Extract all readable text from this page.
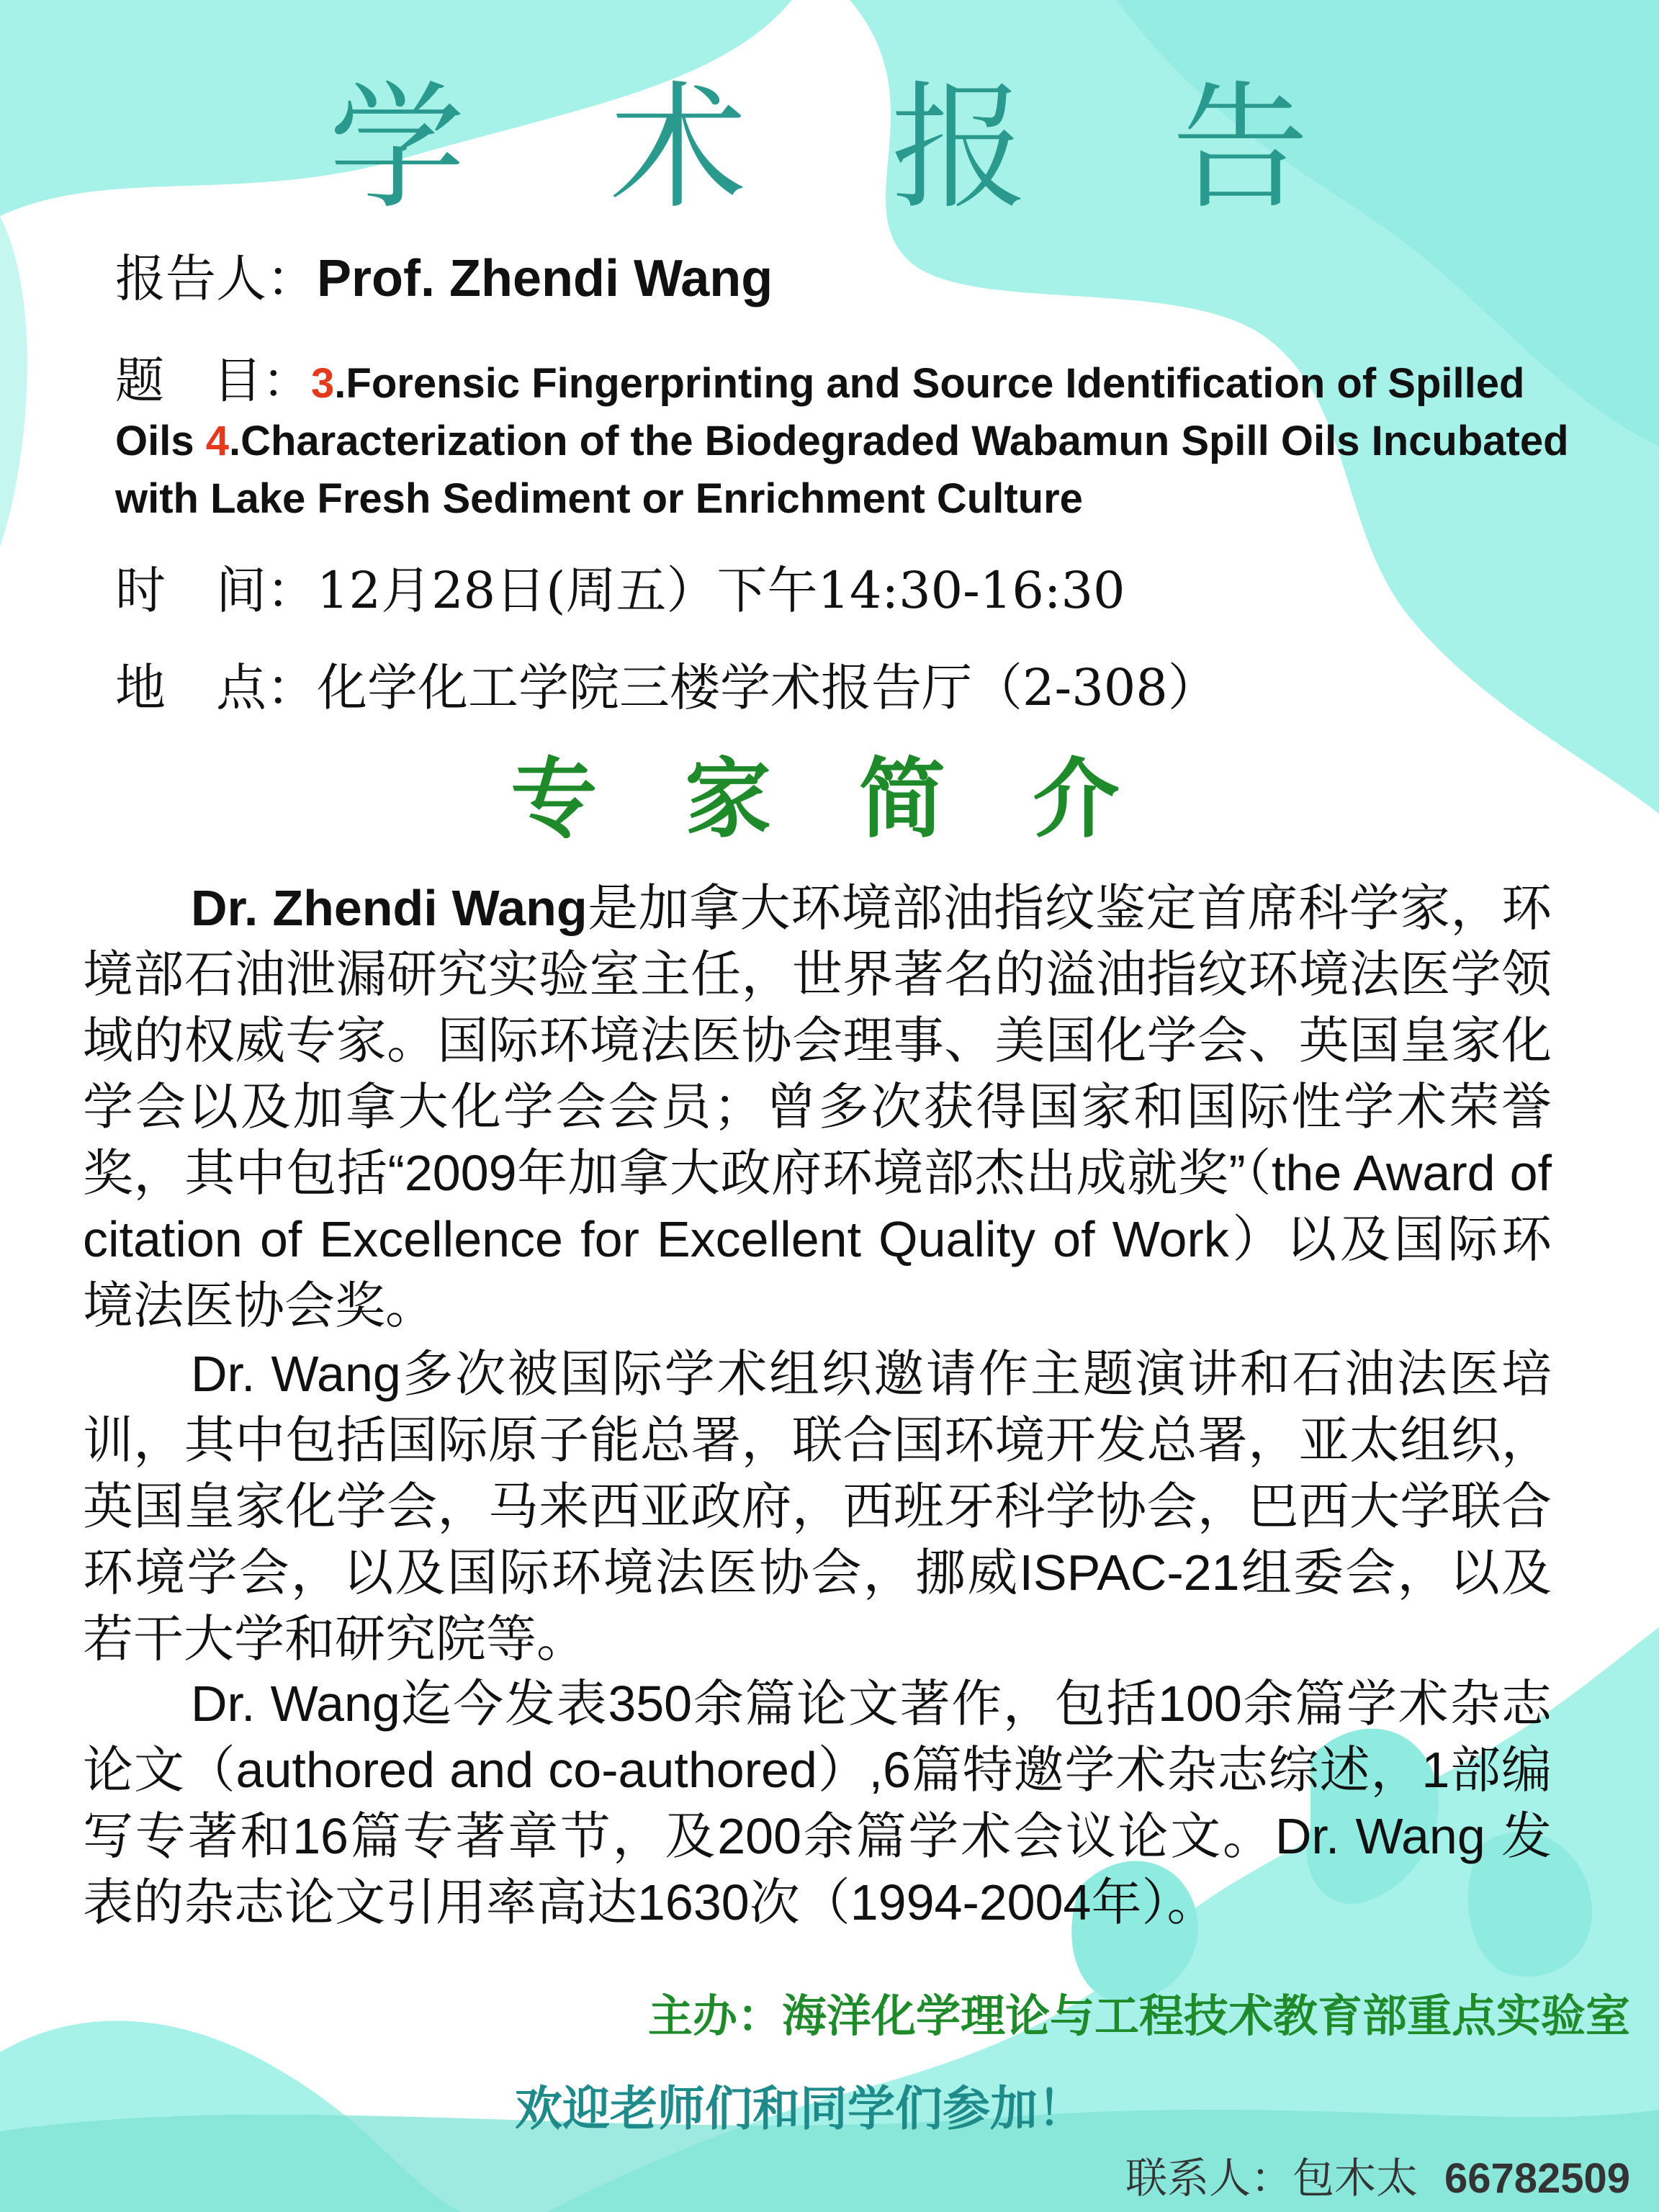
学 术 报 告
报告人：Prof. Zhendi Wang
题　目：3.Forensic Fingerprinting and Source Identification of Spilled Oils 4.Characterization of the Biodegraded Wabamun Spill Oils Incubated with Lake Fresh Sediment or Enrichment Culture
时　间：12月28日(周五）下午14:30-16:30
地　点：化学化工学院三楼学术报告厅（2-308）
专 家 简 介
Dr. Zhendi Wang是加拿大环境部油指纹鉴定首席科学家，环境部石油泄漏研究实验室主任，世界著名的溢油指纹环境法医学领域的权威专家。国际环境法医协会理事、美国化学会、英国皇家化学会以及加拿大化学会会员；曾多次获得国家和国际性学术荣誉奖，其中包括“2009年加拿大政府环境部杰出成就奖”（the Award of citation of Excellence for Excellent Quality of Work）以及国际环境法医协会奖。
Dr. Wang多次被国际学术组织邀请作主题演讲和石油法医培训，其中包括国际原子能总署，联合国环境开发总署，亚太组织，英国皇家化学会，马来西亚政府，西班牙科学协会，巴西大学联合环境学会，以及国际环境法医协会，挪威ISPAC-21组委会，以及若干大学和研究院等。
Dr. Wang迄今发表350余篇论文著作，包括100余篇学术杂志论文（authored and co-authored）,6篇特邀学术杂志综述，1部编写专著和16篇专著章节，及200余篇学术会议论文。Dr. Wang 发表的杂志论文引用率高达1630次（1994-2004年）。
主办：海洋化学理论与工程技术教育部重点实验室
欢迎老师们和同学们参加！
联系人：包木太 66782509
